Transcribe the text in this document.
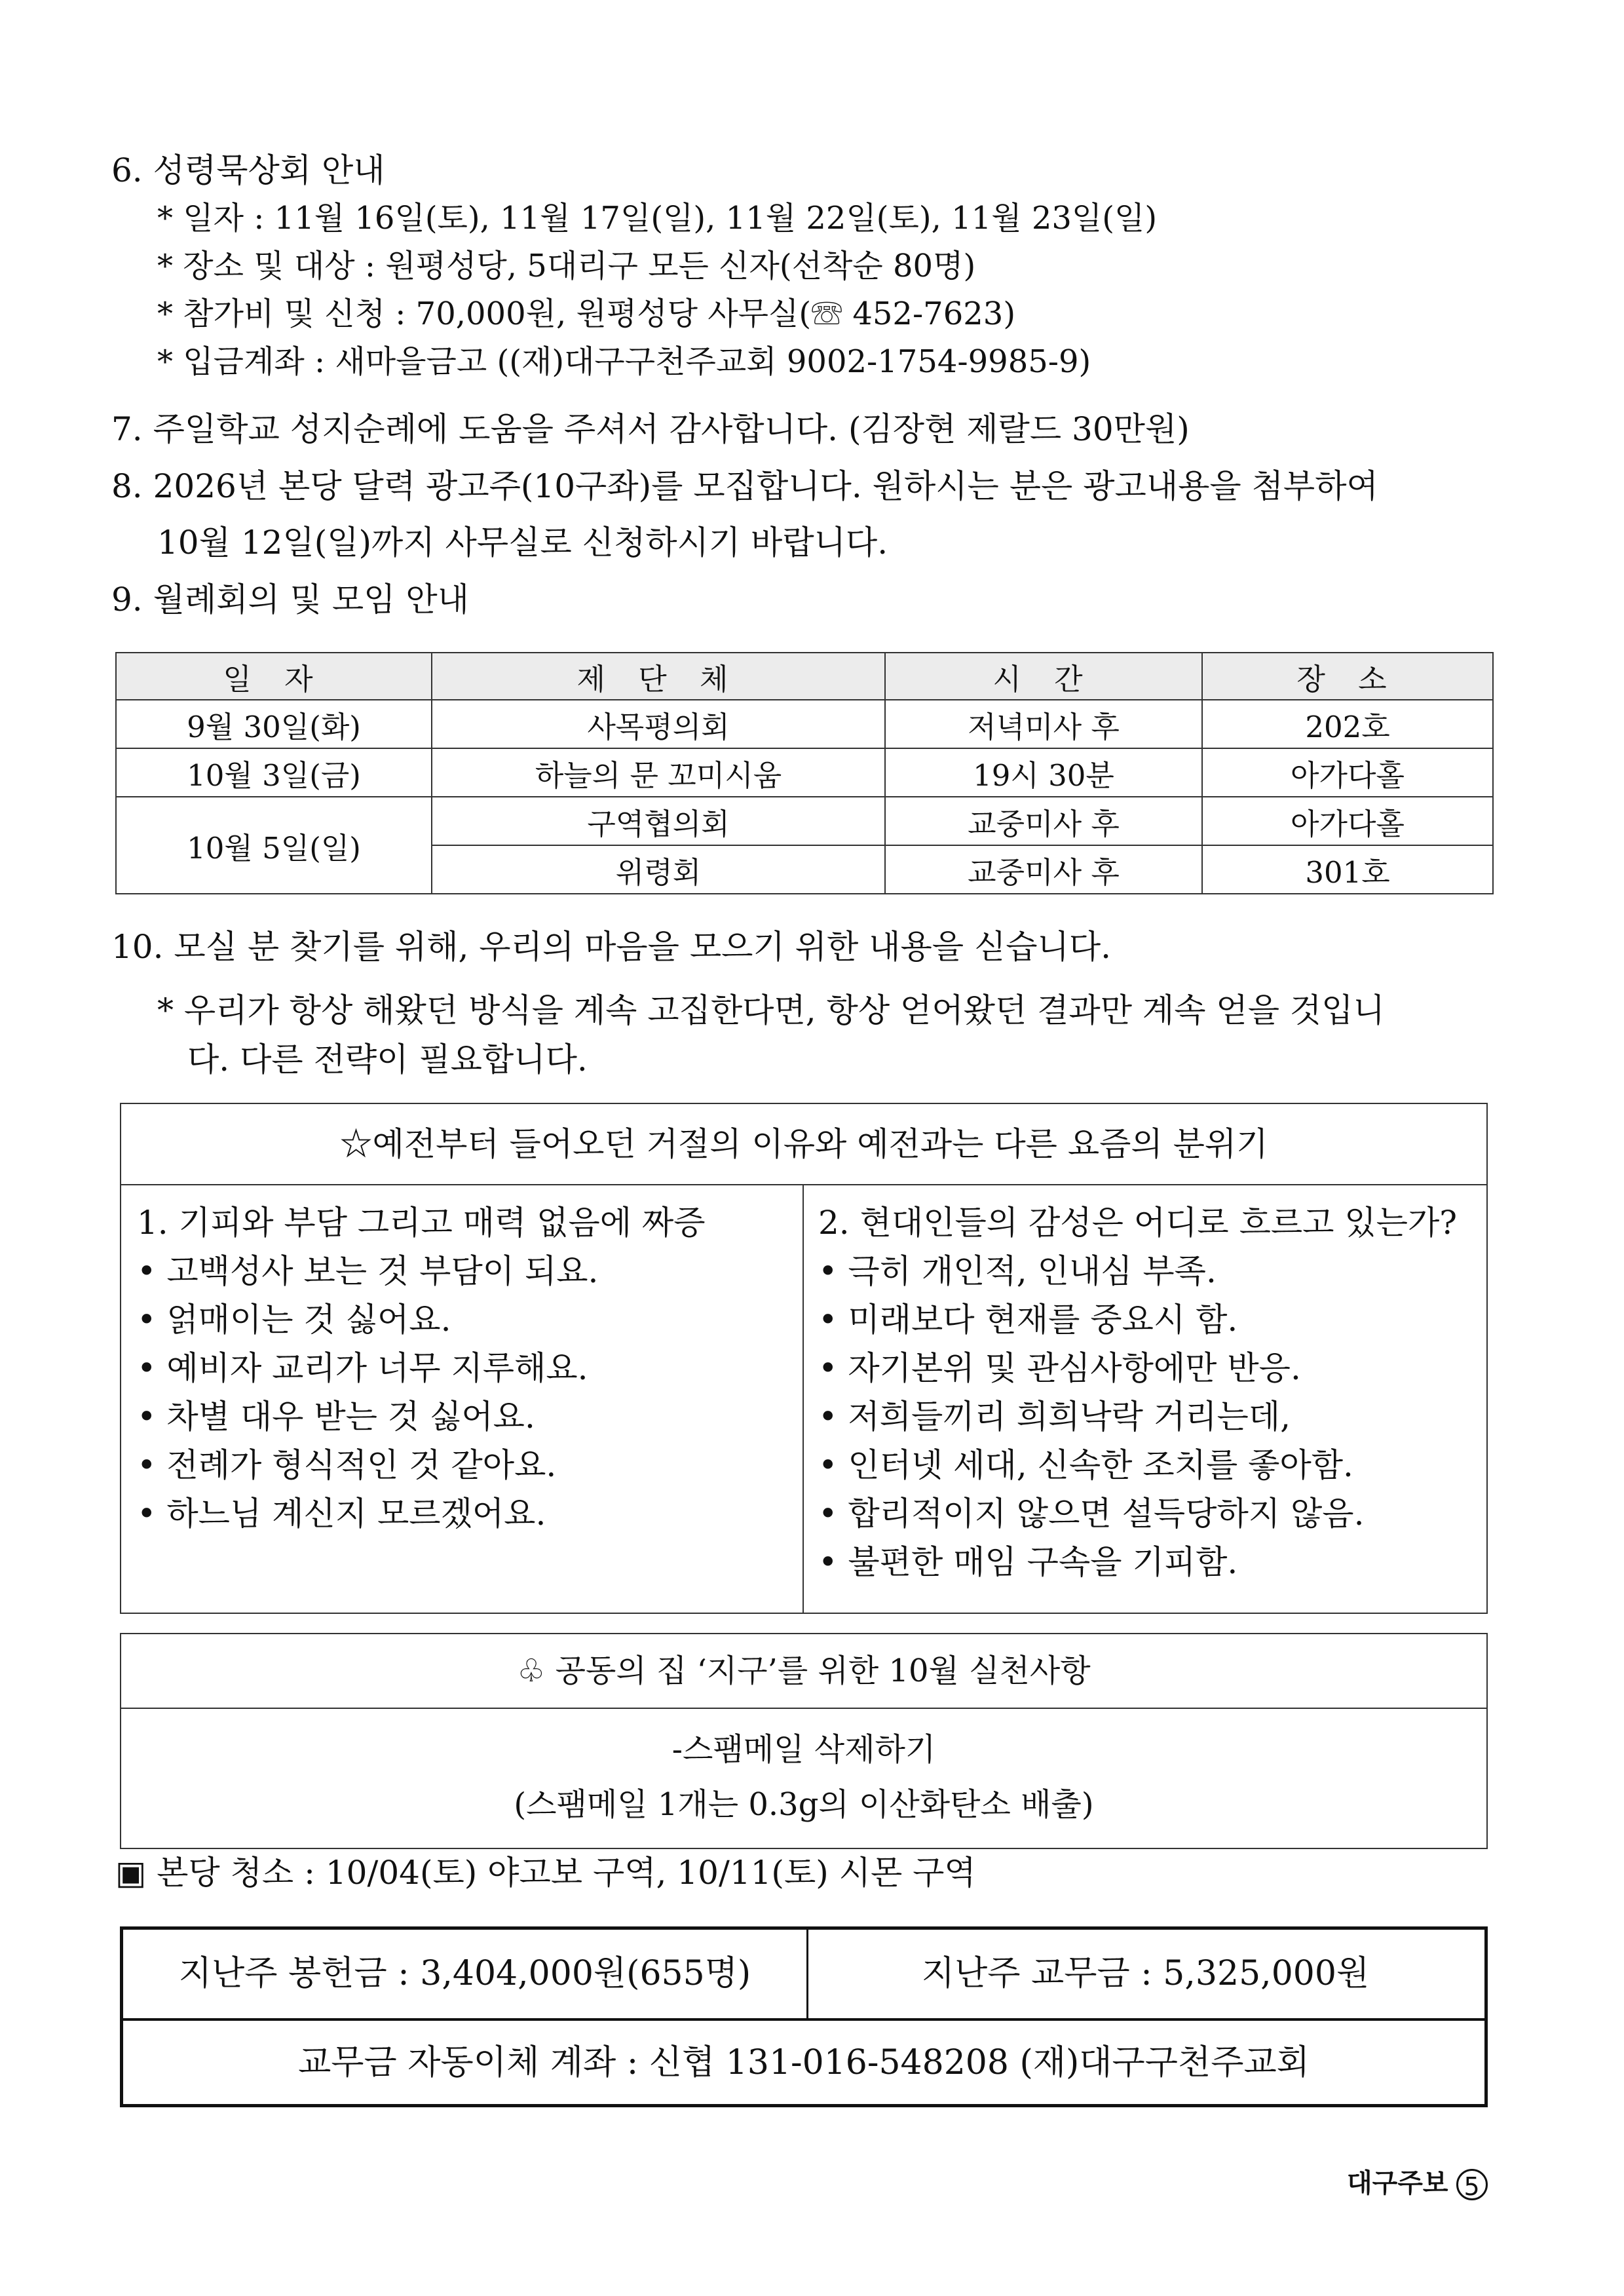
6. 성령묵상회 안내
* 일자 : 11월 16일(토), 11월 17일(일), 11월 22일(토), 11월 23일(일)
* 장소 및 대상 : 원평성당, 5대리구 모든 신자(선착순 80명)
* 참가비 및 신청 : 70,000원, 원평성당 사무실(☏ 452-7623)
* 입금계좌 : 새마을금고 ((재)대구구천주교회 9002-1754-9985-9)
7. 주일학교 성지순례에 도움을 주셔서 감사합니다. (김장현 제랄드 30만원)
8. 2026년 본당 달력 광고주(10구좌)를 모집합니다. 원하시는 분은 광고내용을 첨부하여
10월 12일(일)까지 사무실로 신청하시기 바랍니다.
9. 월례회의 및 모임 안내
일 자	제 단 체	시 간	장 소
9월 30일(화)	사목평의회	저녁미사 후	202호
10월 3일(금)	하늘의 문 꼬미시움	19시 30분	아가다홀
10월 5일(일)	구역협의회	교중미사 후	아가다홀
	위령회	교중미사 후	301호
10. 모실 분 찾기를 위해, 우리의 마음을 모으기 위한 내용을 싣습니다.
* 우리가 항상 해왔던 방식을 계속 고집한다면, 항상 얻어왔던 결과만 계속 얻을 것입니
다. 다른 전략이 필요합니다.
☆예전부터 들어오던 거절의 이유와 예전과는 다른 요즘의 분위기
1. 기피와 부담 그리고 매력 없음에 짜증
• 고백성사 보는 것 부담이 되요.
• 얽매이는 것 싫어요.
• 예비자 교리가 너무 지루해요.
• 차별 대우 받는 것 싫어요.
• 전례가 형식적인 것 같아요.
• 하느님 계신지 모르겠어요.
2. 현대인들의 감성은 어디로 흐르고 있는가?
• 극히 개인적, 인내심 부족.
• 미래보다 현재를 중요시 함.
• 자기본위 및 관심사항에만 반응.
• 저희들끼리 희희낙락 거리는데,
• 인터넷 세대, 신속한 조치를 좋아함.
• 합리적이지 않으면 설득당하지 않음.
• 불편한 매임 구속을 기피함.
♧ 공동의 집 ‘지구’를 위한 10월 실천사항
-스팸메일 삭제하기
(스팸메일 1개는 0.3g의 이산화탄소 배출)
▣ 본당 청소 : 10/04(토) 야고보 구역, 10/11(토) 시몬 구역
지난주 봉헌금 : 3,404,000원(655명)	지난주 교무금 : 5,325,000원
교무금 자동이체 계좌 : 신협 131-016-548208 (재)대구구천주교회
대구주보 5
